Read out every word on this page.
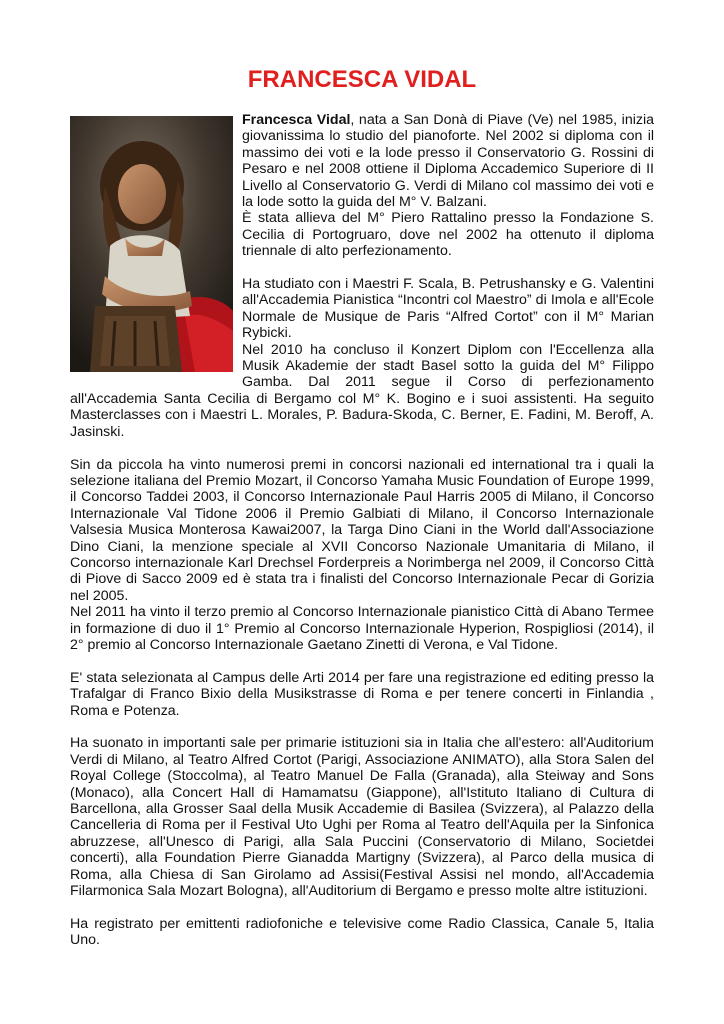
FRANCESCA VIDAL

Francesca Vidal, nata a San Donà di Piave (Ve) nel 1985, inizia giovanissima lo studio del pianoforte. Nel 2002 si diploma con il massimo dei voti e la lode presso il Conservatorio G. Rossini di Pesaro e nel 2008 ottiene il Diploma Accademico Superiore di II Livello al Conservatorio G. Verdi di Milano col massimo dei voti e la lode sotto la guida del M° V. Balzani.

È stata allieva del M° Piero Rattalino presso la Fondazione S. Cecilia di Portogruaro, dove nel 2002 ha ottenuto il diploma triennale di alto perfezionamento.

Ha studiato con i Maestri F. Scala, B. Petrushansky e G. Valentini all'Accademia Pianistica “Incontri col Maestro” di Imola e all'Ecole Normale de Musique de Paris “Alfred Cortot” con il M° Marian Rybicki.

Nel 2010 ha concluso il Konzert Diplom con l'Eccellenza alla Musik Akademie der stadt Basel sotto la guida del M° Filippo Gamba. Dal 2011 segue il Corso di perfezionamento all'Accademia Santa Cecilia di Bergamo col M° K. Bogino e i suoi assistenti. Ha seguito Masterclasses con i Maestri L. Morales, P. Badura-Skoda, C. Berner, E. Fadini, M. Beroff, A. Jasinski.

Sin da piccola ha vinto numerosi premi in concorsi nazionali ed international tra i quali la selezione italiana del Premio Mozart, il Concorso Yamaha Music Foundation of Europe 1999, il Concorso Taddei 2003, il Concorso Internazionale Paul Harris 2005 di Milano, il Concorso Internazionale Val Tidone 2006 il Premio Galbiati di Milano, il Concorso Internazionale Valsesia Musica Monterosa Kawai2007, la Targa Dino Ciani in the World dall'Associazione Dino Ciani, la menzione speciale al XVII Concorso Nazionale Umanitaria di Milano, il Concorso internazionale Karl Drechsel Forderpreis a Norimberga nel 2009, il Concorso Città di Piove di Sacco 2009 ed è stata tra i finalisti del Concorso Internazionale Pecar di Gorizia nel 2005.

Nel 2011 ha vinto il terzo premio al Concorso Internazionale pianistico Città di Abano Termee in formazione di duo il 1° Premio al Concorso Internazionale Hyperion, Rospigliosi (2014), il 2° premio al Concorso Internazionale Gaetano Zinetti di Verona, e Val Tidone.

E' stata selezionata al Campus delle Arti 2014 per fare una registrazione ed editing presso la Trafalgar di Franco Bixio della Musikstrasse di Roma e per tenere concerti in Finlandia , Roma e Potenza.

Ha suonato in importanti sale per primarie istituzioni sia in Italia che all'estero: all'Auditorium Verdi di Milano, al Teatro Alfred Cortot (Parigi, Associazione ANIMATO), alla Stora Salen del Royal College (Stoccolma), al Teatro Manuel De Falla (Granada), alla Steiway and Sons (Monaco), alla Concert Hall di Hamamatsu (Giappone), all'Istituto Italiano di Cultura di Barcellona, alla Grosser Saal della Musik Accademie di Basilea (Svizzera), al Palazzo della Cancelleria di Roma per il Festival Uto Ughi per Roma al Teatro dell'Aquila per la Sinfonica abruzzese, all'Unesco di Parigi, alla Sala Puccini (Conservatorio di Milano, Societdei concerti), alla Foundation Pierre Gianadda Martigny (Svizzera), al Parco della musica di Roma, alla Chiesa di San Girolamo ad Assisi(Festival Assisi nel mondo, all'Accademia Filarmonica Sala Mozart Bologna), all'Auditorium di Bergamo e presso molte altre istituzioni.

Ha registrato per emittenti radiofoniche e televisive come Radio Classica, Canale 5, Italia Uno.
